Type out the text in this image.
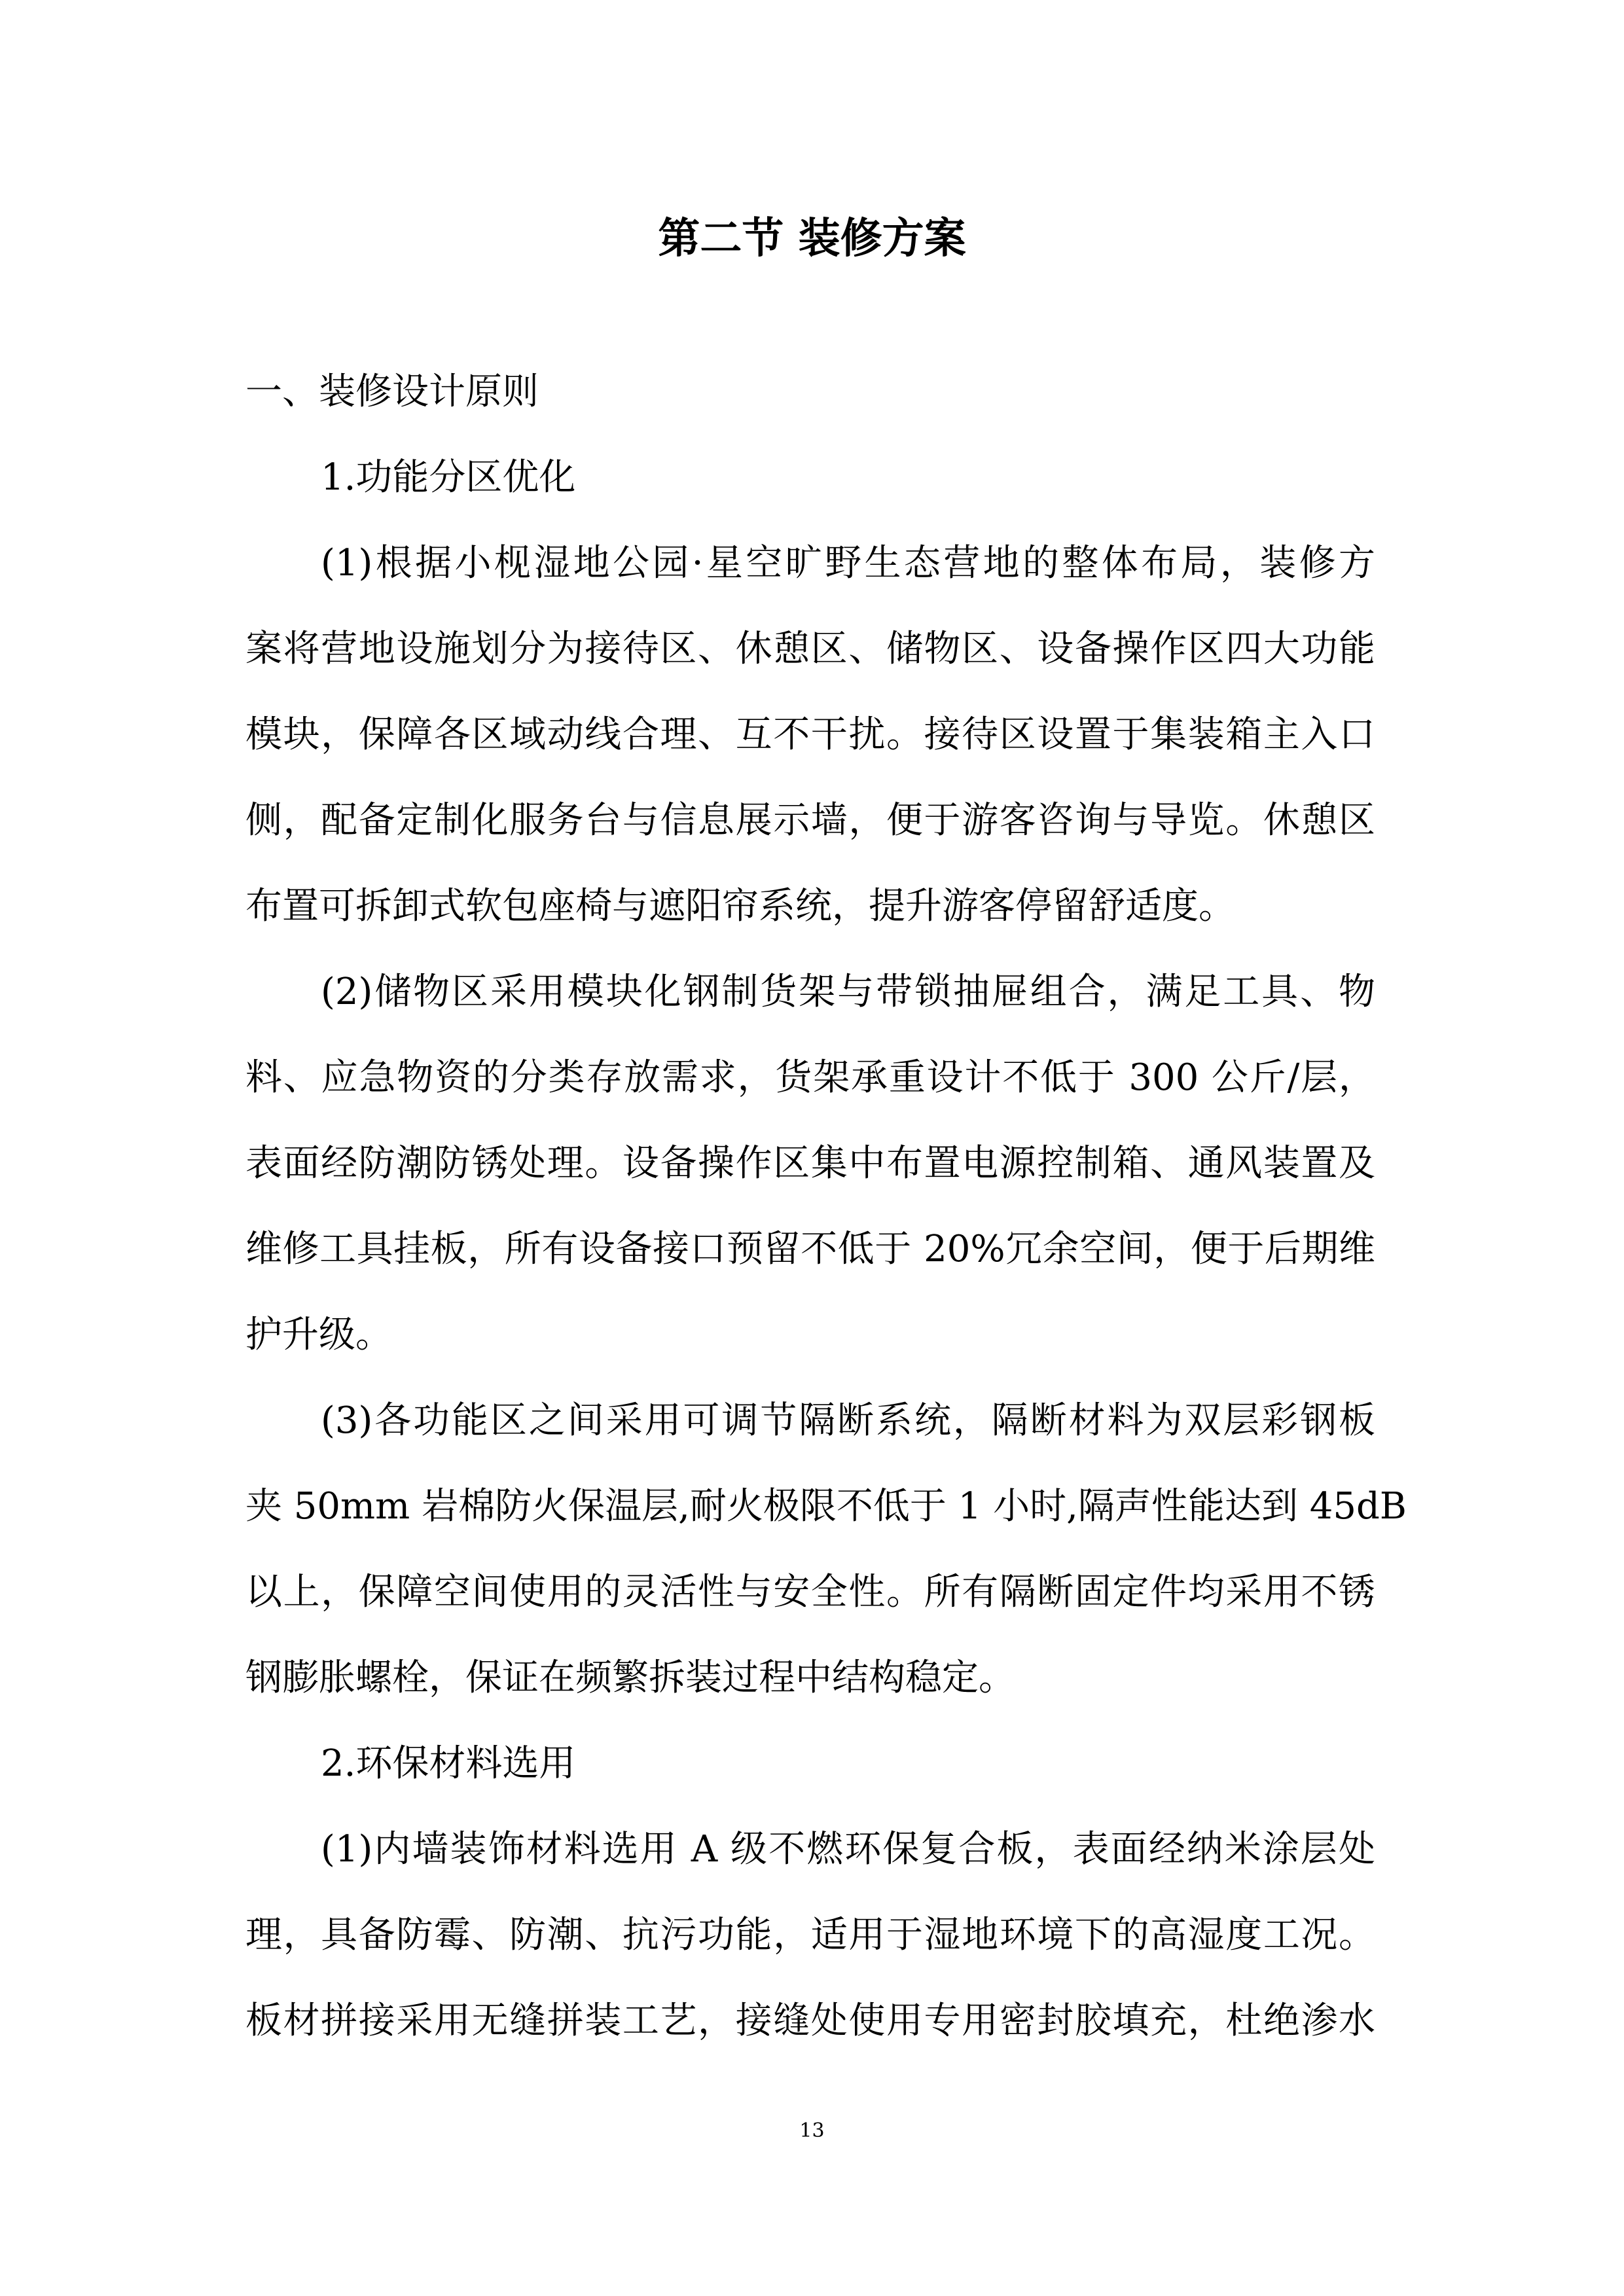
第二节 装修方案
一、装修设计原则
1.功能分区优化
(1)根据小枧湿地公园·星空旷野生态营地的整体布局，装修方
案将营地设施划分为接待区、休憩区、储物区、设备操作区四大功能
模块，保障各区域动线合理、互不干扰。接待区设置于集装箱主入口
侧，配备定制化服务台与信息展示墙，便于游客咨询与导览。休憩区
布置可拆卸式软包座椅与遮阳帘系统，提升游客停留舒适度。
(2)储物区采用模块化钢制货架与带锁抽屉组合，满足工具、物
料、应急物资的分类存放需求，货架承重设计不低于 300 公斤/层，
表面经防潮防锈处理。设备操作区集中布置电源控制箱、通风装置及
维修工具挂板，所有设备接口预留不低于 20%冗余空间，便于后期维
护升级。
(3)各功能区之间采用可调节隔断系统，隔断材料为双层彩钢板
夹 50mm 岩棉防火保温层,耐火极限不低于 1 小时,隔声性能达到 45dB
以上，保障空间使用的灵活性与安全性。所有隔断固定件均采用不锈
钢膨胀螺栓，保证在频繁拆装过程中结构稳定。
2.环保材料选用
(1)内墙装饰材料选用 A 级不燃环保复合板，表面经纳米涂层处
理，具备防霉、防潮、抗污功能，适用于湿地环境下的高湿度工况。
板材拼接采用无缝拼装工艺，接缝处使用专用密封胶填充，杜绝渗水
13
